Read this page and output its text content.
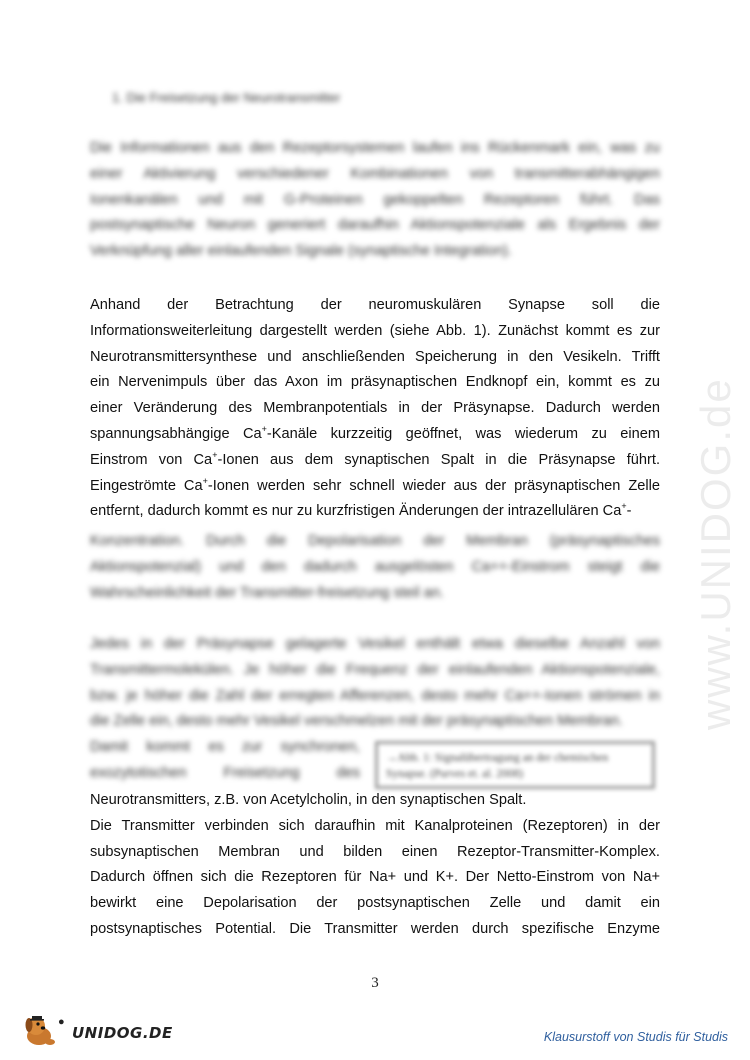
1. Die Freisetzung der Neurotransmitter
Die Informationen aus den Rezeptorsystemen laufen ins Rückenmark ein, was zu
einer Aktivierung verschiedener Kombinationen von transmitterabhängigen
Ionenkanälen und mit G-Proteinen gekoppelten Rezeptoren führt. Das
postsynaptische Neuron generiert daraufhin Aktionspotenziale als Ergebnis der
Verknüpfung aller einlaufenden Signale (synaptische Integration).
Anhand der Betrachtung der neuromuskulären Synapse soll die
Informationsweiterleitung dargestellt werden (siehe Abb. 1). Zunächst kommt es zur
Neurotransmittersynthese und anschließenden Speicherung in den Vesikeln. Trifft
ein Nervenimpuls über das Axon im präsynaptischen Endknopf ein, kommt es zu
einer Veränderung des Membranpotentials in der Präsynapse. Dadurch werden
spannungsabhängige Ca+-Kanäle kurzzeitig geöffnet, was wiederum zu einem
Einstrom von Ca+-Ionen aus dem synaptischen Spalt in die Präsynapse führt.
Eingeströmte Ca+-Ionen werden sehr schnell wieder aus der präsynaptischen Zelle
entfernt, dadurch kommt es nur zu kurzfristigen Änderungen der intrazellulären Ca+-
Konzentration. Durch die Depolarisation der Membran (präsynaptisches
Aktionspotenzial) und den dadurch ausgelösten Ca++-Einstrom steigt die
Wahrscheinlichkeit der Transmitter-freisetzung steil an.
Jedes in der Präsynapse gelagerte Vesikel enthält etwa dieselbe Anzahl von
Transmittermolekülen. Je höher die Frequenz der einlaufenden Aktionspotenziale,
bzw. je höher die Zahl der erregten Afferenzen, desto mehr Ca++-Ionen strömen in
die Zelle ein, desto mehr Vesikel verschmelzen mit der präsynaptischen Membran.
Damit kommt es zur synchronen,
exozytotischen Freisetzung des
→Abb. 1: Signalübertragung an der chemischen Synapse. (Purves et. al. 2008)
Neurotransmitters, z.B. von Acetylcholin, in den synaptischen Spalt.
Die Transmitter verbinden sich daraufhin mit Kanalproteinen (Rezeptoren) in der
subsynaptischen Membran und bilden einen Rezeptor-Transmitter-Komplex.
Dadurch öffnen sich die Rezeptoren für Na+ und K+. Der Netto-Einstrom von Na+
bewirkt eine Depolarisation der postsynaptischen Zelle und damit ein
postsynaptisches Potential. Die Transmitter werden durch spezifische Enzyme
www.UNIDOG.de
3
●
UNIDOG.DE	Klausurstoff von Studis für Studis
